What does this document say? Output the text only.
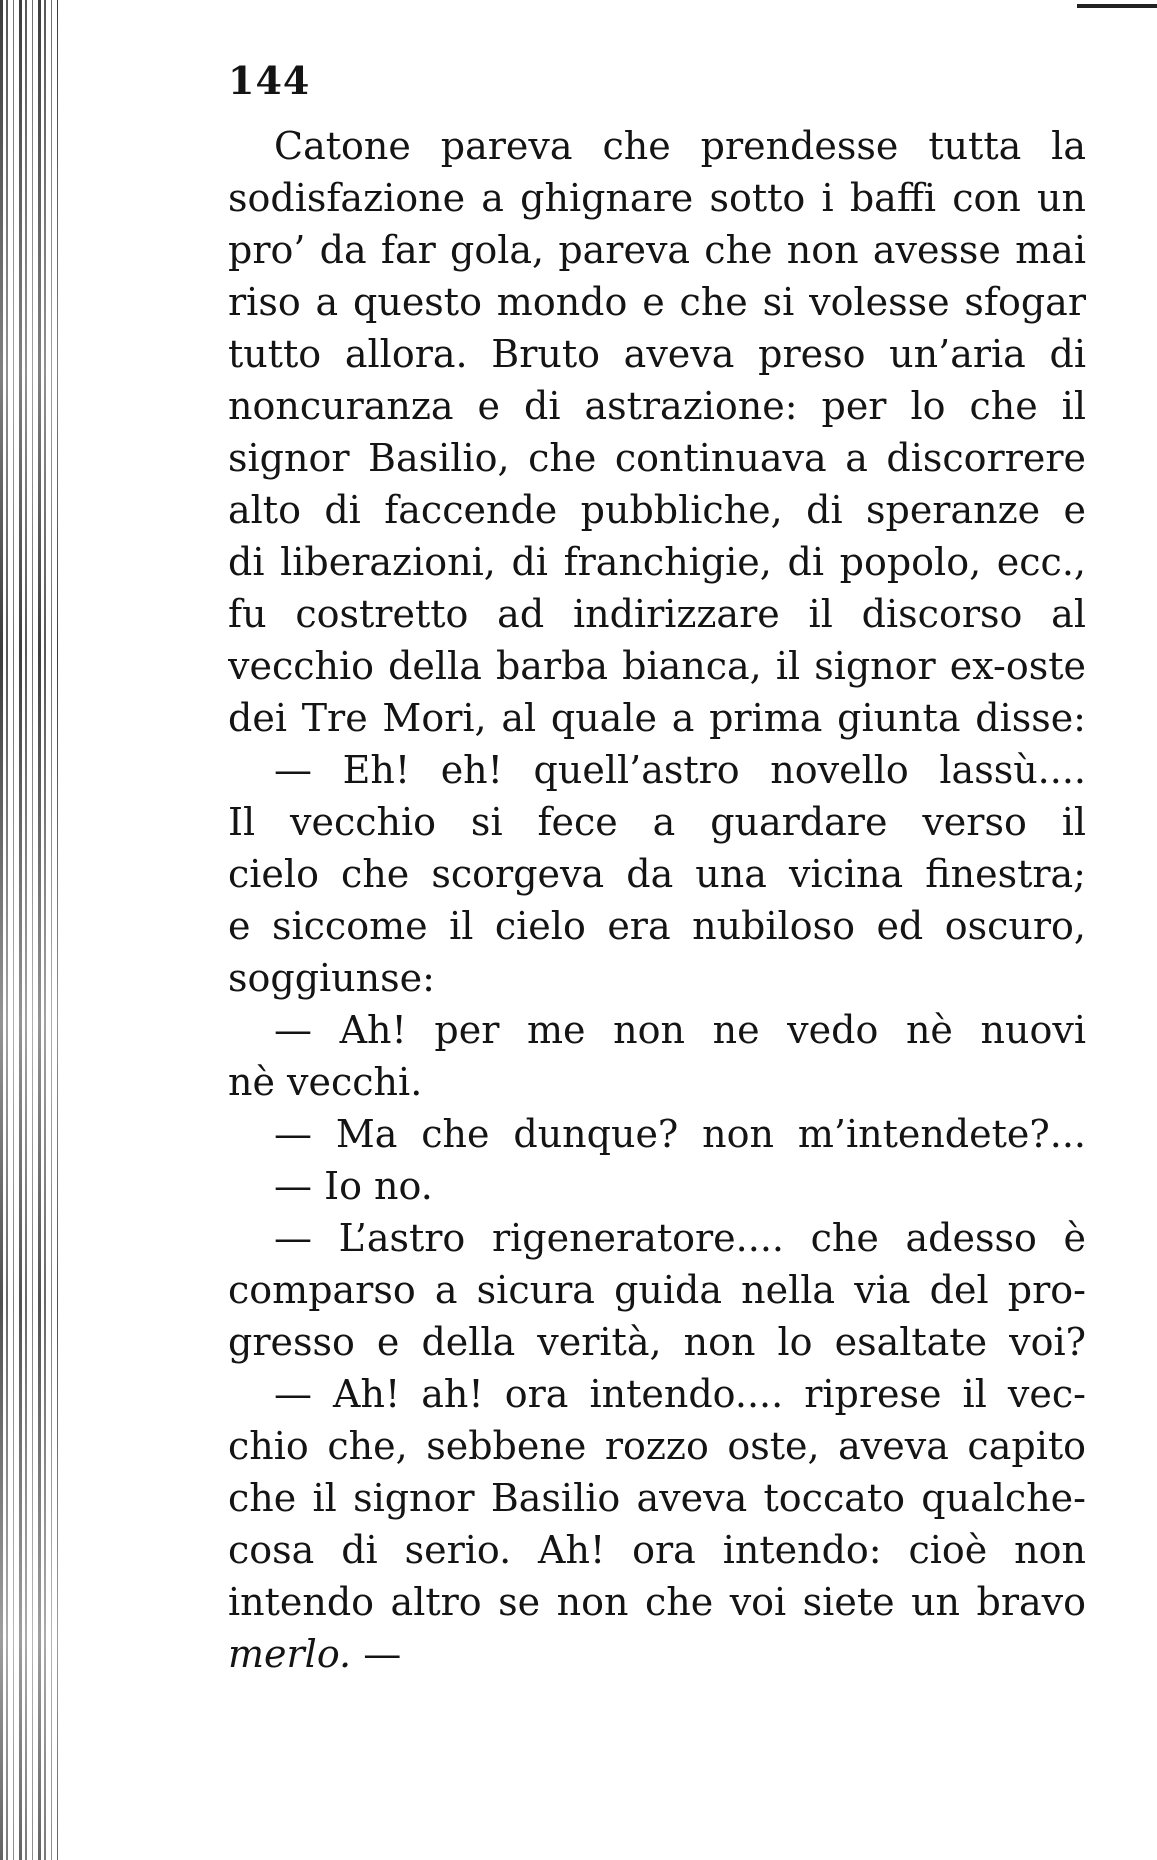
144
Catone pareva che prendesse tutta la
sodisfazione a ghignare sotto i baffi con un
pro’ da far gola, pareva che non avesse mai
riso a questo mondo e che si volesse sfogar
tutto allora. Bruto aveva preso un’aria di
noncuranza e di astrazione: per lo che il
signor Basilio, che continuava a discorrere
alto di faccende pubbliche, di speranze e
di liberazioni, di franchigie, di popolo, ecc.,
fu costretto ad indirizzare il discorso al
vecchio della barba bianca, il signor ex-oste
dei Tre Mori, al quale a prima giunta disse:
— Eh! eh! quell’astro novello lassù....
Il vecchio si fece a guardare verso il
cielo che scorgeva da una vicina finestra;
e siccome il cielo era nubiloso ed oscuro,
soggiunse:
— Ah! per me non ne vedo nè nuovi
nè vecchi.
— Ma che dunque? non m’intendete?...
— Io no.
— L’astro rigeneratore.... che adesso è
comparso a sicura guida nella via del pro-
gresso e della verità, non lo esaltate voi?
— Ah! ah! ora intendo.... riprese il vec-
chio che, sebbene rozzo oste, aveva capito
che il signor Basilio aveva toccato qualche-
cosa di serio. Ah! ora intendo: cioè non
intendo altro se non che voi siete un bravo
merlo. —
